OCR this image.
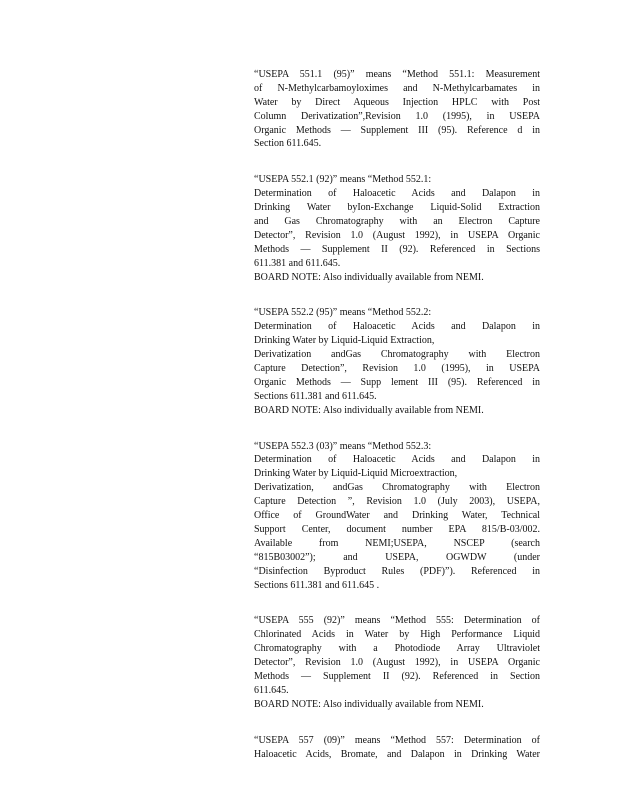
“USEPA 551.1 (95)” means “Method 551.1: Measurement
of N-Methylcarbamoyloximes and N-Methylcarbamates in
Water by Direct Aqueous Injection HPLC with Post
Column Derivatization”,Revision 1.0 (1995), in USEPA
Organic Methods — Supplement III (95). Reference d in
Section 611.645.
“USEPA 552.1 (92)” means “Method 552.1:
Determination of Haloacetic Acids and Dalapon in
Drinking Water byIon-Exchange Liquid-Solid Extraction
and Gas Chromatography with an Electron Capture
Detector”, Revision 1.0 (August 1992), in USEPA Organic
Methods — Supplement II (92). Referenced in Sections
611.381 and 611.645.
BOARD NOTE: Also individually available from NEMI.
“USEPA 552.2 (95)” means “Method 552.2:
Determination of Haloacetic Acids and Dalapon in
Drinking Water by Liquid-Liquid Extraction,
Derivatization andGas Chromatography with Electron
Capture Detection”, Revision 1.0 (1995), in USEPA
Organic Methods — Supp lement III (95). Referenced in
Sections 611.381 and 611.645.
BOARD NOTE: Also individually available from NEMI.
“USEPA 552.3 (03)” means “Method 552.3:
Determination of Haloacetic Acids and Dalapon in
Drinking Water by Liquid-Liquid Microextraction,
Derivatization, andGas Chromatography with Electron
Capture Detection ”, Revision 1.0 (July 2003), USEPA,
Office of GroundWater and Drinking Water, Technical
Support Center, document number EPA 815/B-03/002.
Available from NEMI;USEPA, NSCEP (search
“815B03002”); and USEPA, OGWDW (under
“Disinfection Byproduct Rules (PDF)”). Referenced in
Sections 611.381 and 611.645 .
“USEPA 555 (92)” means “Method 555: Determination of
Chlorinated Acids in Water by High Performance Liquid
Chromatography with a Photodiode Array Ultraviolet
Detector”, Revision 1.0 (August 1992), in USEPA Organic
Methods — Supplement II (92). Referenced in Section
611.645.
BOARD NOTE: Also individually available from NEMI.
“USEPA 557 (09)” means “Method 557: Determination of
Haloacetic Acids, Bromate, and Dalapon in Drinking Water
